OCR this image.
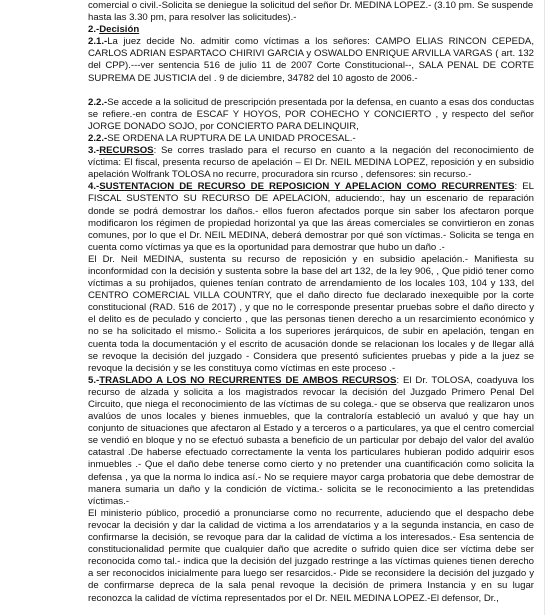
comercial o civil.-Solicita se deniegue la solicitud del señor Dr. MEDINA LOPEZ.- (3.10 pm. Se suspende

hasta las 3.30 pm, para resolver las solicitudes).-

2.-Decisión

2.1.-La juez decide No. admitir como víctimas a los señores: CAMPO ELIAS RINCON CEPEDA, CARLOS ADRIAN ESPARTACO CHIRIVI GARCIA y OSWALDO ENRIQUE ARVILLA VARGAS ( art. 132 del CPP).---ver sentencia 516 de julio 11 de 2007 Corte Constitucional--, SALA PENAL DE CORTE SUPREMA DE JUSTICIA del . 9 de diciembre, 34782 del 10 agosto de 2006.-

2.2.-Se accede a la solicitud de prescripción presentada por la defensa, en cuanto a esas dos conductas se refiere.-en contra de ESCAF Y HOYOS, POR COHECHO Y CONCIERTO , y respecto del señor JORGE DONADO SOJO, por CONCIERTO PARA DELINQUIR,

2.2.-SE ORDENA LA RUPTURA DE LA UNIDAD PROCESAL.-

3.-RECURSOS: Se corres traslado para el recurso en cuanto a la negación del reconocimiento de víctima: El fiscal, presenta recurso de apelación – El Dr. NEIL MEDINA LOPEZ, reposición y en subsidio apelación Wolfrank TOLOSA no recurre, procuradora sin rcurso , defensores: sin recurso.-

4.-SUSTENTACION DE RECURSO DE REPOSICION Y APELACION COMO RECURRENTES: EL FISCAL SUSTENTO SU RECURSO DE APELACION, aduciendo:, hay un escenario de reparación donde se podrá demostrar los daños.- ellos fueron afectados porque sin saber los afectaron porque modificaron los régimen de propiedad horizontal ya que las áreas comerciales se convirtieron en zonas comunes, por lo que el Dr. NEIL MEDINA, deberá demostrar por qué son víctimas.- Solicita se tenga en cuenta como víctimas ya que es la oportunidad para demostrar que hubo un daño .-

El Dr. Neil MEDINA, sustenta su recurso de reposición y en subsidio apelación.- Manifiesta su inconformidad con la decisión y sustenta sobre la base del art 132, de la ley 906, , Que pidió tener como víctimas a su prohijados, quienes tenían contrato de arrendamiento de los locales 103, 104 y 133, del CENTRO COMERCIAL VILLA COUNTRY, que el daño directo fue declarado inexequible por la corte constitucional (RAD. 516 de 2017) , y que no le corresponde presentar pruebas sobre el daño directo y el delito es de peculado y concierto , que las personas tienen derecho a un resarcimiento económico y no se ha solicitado el mismo.- Solicita a los superiores jerárquicos, de subir en apelación, tengan en cuenta toda la documentación y el escrito de acusación donde se relacionan los locales y de llegar allá se revoque la decisión del juzgado - Considera que presentó suficientes pruebas y pide a la juez se revoque la decisión y se les constituya como víctimas en este proceso .-

5.-TRASLADO A LOS NO RECURRENTES DE AMBOS RECURSOS: El Dr. TOLOSA, coadyuva los recurso de alzada y solicita a los magistrados revocar la decisión del Juzgado Primero Penal Del Circuito, que niega el reconocimiento de las víctimas de su colega.- que se observa que realizaron unos avalúos de unos locales y bienes inmuebles, que la contraloría estableció un avaluó y que hay un conjunto de situaciones que afectaron al Estado y a terceros o a particulares, ya que el centro comercial se vendió en bloque y no se efectuó subasta a beneficio de un particular por debajo del valor del avalúo catastral .De haberse efectuado correctamente la venta los particulares hubieran podido adquirir esos inmuebles .- Que el daño debe tenerse como cierto y no pretender una cuantificación como solicita la defensa , ya que la norma lo indica así.- No se requiere mayor carga probatoria que debe demostrar de manera sumaria un daño y la condición de víctima.- solicita se le reconocimiento a las pretendidas víctimas.-

El ministerio público, procedió a pronunciarse como no recurrente, aduciendo que el despacho debe revocar la decisión y dar la calidad de victima a los arrendatarios y a la segunda instancia, en caso de confirmarse la decisión, se revoque para dar la calidad de víctima a los interesados.- Esa sentencia de constitucionalidad permite que cualquier daño que acredite o sufrido quien dice ser víctima debe ser reconocida como tal.- indica que la decisión del juzgado restringe a las víctimas quienes tienen derecho a ser reconocidos inicialmente para luego ser resarcidos.- Pide se reconsidere la decisión del juzgado y de confirmarse depreca de la sala penal revoque la decisión de primera Instancia y en su lugar reconozca la calidad de víctima representados por el Dr. NEIL MEDINA LOPEZ.-El defensor, Dr.,
